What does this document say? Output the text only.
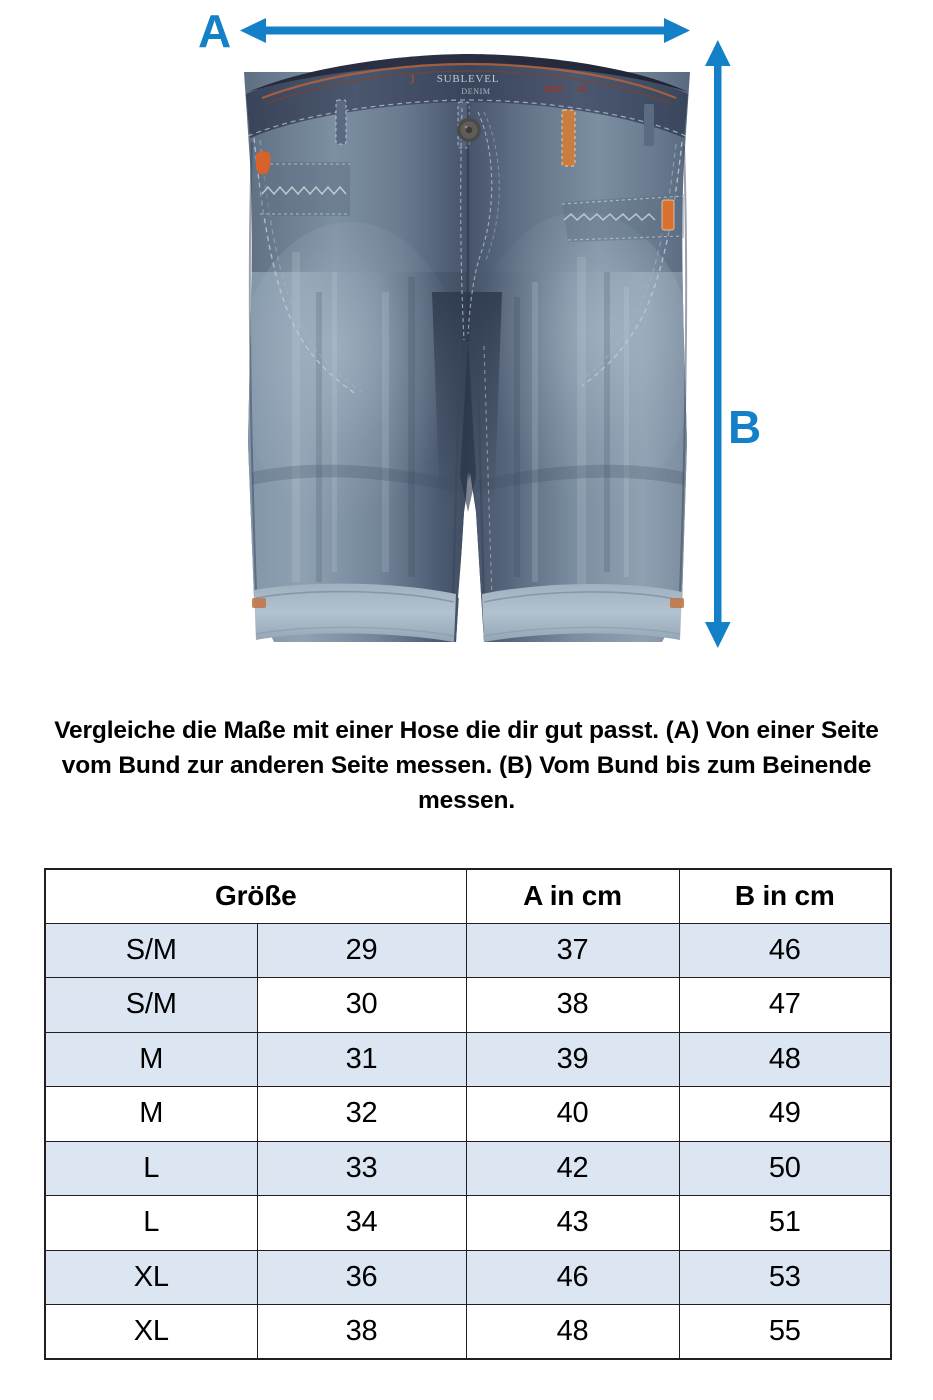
SUBLEVEL
DENIM
J
SIZE 32
A
B

Vergleiche die Maße mit einer Hose die dir gut passt. (A) Von einer Seite vom Bund zur anderen Seite messen. (B) Vom Bund bis zum Beinende messen.

Größe		A in cm	B in cm
S/M	29	37	46
S/M	30	38	47
M	31	39	48
M	32	40	49
L	33	42	50
L	34	43	51
XL	36	46	53
XL	38	48	55
